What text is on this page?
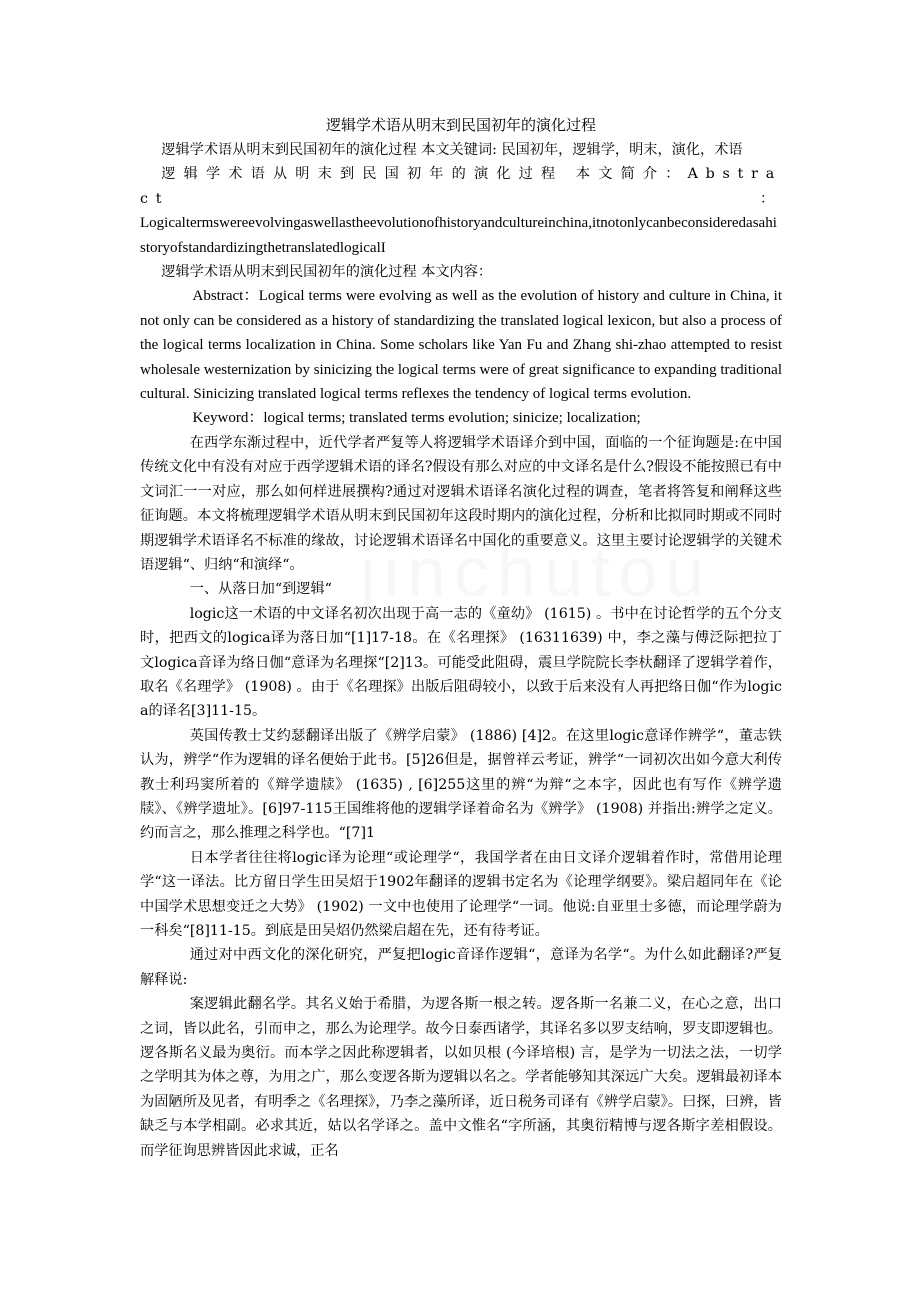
逻辑学术语从明末到民国初年的演化过程

逻辑学术语从明末到民国初年的演化过程 本文关键词: 民国初年，逻辑学，明末，演化，术语

逻辑学术语从明末到民国初年的演化过程 本文简介：Abstract：

Logicaltermswereevolvingaswellastheevolutionofhistoryandcultureinchina,itnotonlycanbeconsideredasahistoryofstandardizingthetranslatedlogicalI

逻辑学术语从明末到民国初年的演化过程 本文内容：

Abstract：Logical terms were evolving as well as the evolution of history and culture in China, it not only can be considered as a history of standardizing the translated logical lexicon, but also a process of the logical terms localization in China. Some scholars like Yan Fu and Zhang shi-zhao attempted to resist wholesale westernization by sinicizing the logical terms were of great significance to expanding traditional cultural. Sinicizing translated logical terms reflexes the tendency of logical terms evolution.

Keyword：logical terms; translated terms evolution; sinicize; localization;

在西学东渐过程中，近代学者严复等人将逻辑学术语译介到中国，面临的一个征询题是:在中国传统文化中有没有对应于西学逻辑术语的译名?假设有那么对应的中文译名是什么?假设不能按照已有中文词汇一一对应，那么如何样进展撰构?通过对逻辑术语译名演化过程的调查，笔者将答复和阐释这些征询题。本文将梳理逻辑学术语从明末到民国初年这段时期内的演化过程，分析和比拟同时期或不同时期逻辑学术语译名不标准的缘故，讨论逻辑术语译名中国化的重要意义。这里主要讨论逻辑学的关键术语逻辑“、归纳“和演绎“。

一、从落日加“到逻辑“

logic这一术语的中文译名初次出现于高一志的《童幼》 (1615) 。书中在讨论哲学的五个分支时，把西文的logica译为落日加“[1]17-18。在《名理探》 (16311639) 中，李之藻与傅泛际把拉丁文logica音译为络日伽“意译为名理探“[2]13。可能受此阻碍，震旦学院院长李杕翻译了逻辑学着作，取名《名理学》 (1908) 。由于《名理探》出版后阻碍较小，以致于后来没有人再把络日伽“作为logica的译名[3]11-15。

英国传教士艾约瑟翻译出版了《辨学启蒙》 (1886) [4]2。在这里logic意译作辨学“，董志铁认为，辨学“作为逻辑的译名便始于此书。[5]26但是，据曾祥云考证，辨学“一词初次出如今意大利传教士利玛窦所着的《辩学遗牍》 (1635) , [6]255这里的辨“为辩“之本字，因此也有写作《辨学遗牍》、《辨学遗址》。[6]97-115王国维将他的逻辑学译着命名为《辨学》 (1908) 并指出:辨学之定义。约而言之，那么推理之科学也。“[7]1

日本学者往往将logic译为论理“或论理学“，我国学者在由日文译介逻辑着作时，常借用论理学“这一译法。比方留日学生田吴炤于1902年翻译的逻辑书定名为《论理学纲要》。梁启超同年在《论中国学术思想变迁之大势》 (1902) 一文中也使用了论理学“一词。他说:自亚里士多德，而论理学蔚为一科矣“[8]11-15。到底是田吴炤仍然梁启超在先，还有待考证。

通过对中西文化的深化研究，严复把logic音译作逻辑“，意译为名学“。为什么如此翻译?严复解释说:

案逻辑此翻名学。其名义始于希腊，为逻各斯一根之转。逻各斯一名兼二义，在心之意，出口之词，皆以此名，引而申之，那么为论理学。故今日泰西诸学，其译名多以罗支结响，罗支即逻辑也。逻各斯名义最为奥衍。而本学之因此称逻辑者，以如贝根 (今译培根) 言，是学为一切法之法，一切学之学明其为体之尊，为用之广，那么变逻各斯为逻辑以名之。学者能够知其深远广大矣。逻辑最初译本为固陋所及见者，有明季之《名理探》，乃李之藻所译，近日税务司译有《辨学启蒙》。曰探，曰辨，皆缺乏与本学相副。必求其近，姑以名学译之。盖中文惟名“字所涵，其奥衍精博与逻各斯字差相假设。而学征询思辨皆因此求诚，正名
